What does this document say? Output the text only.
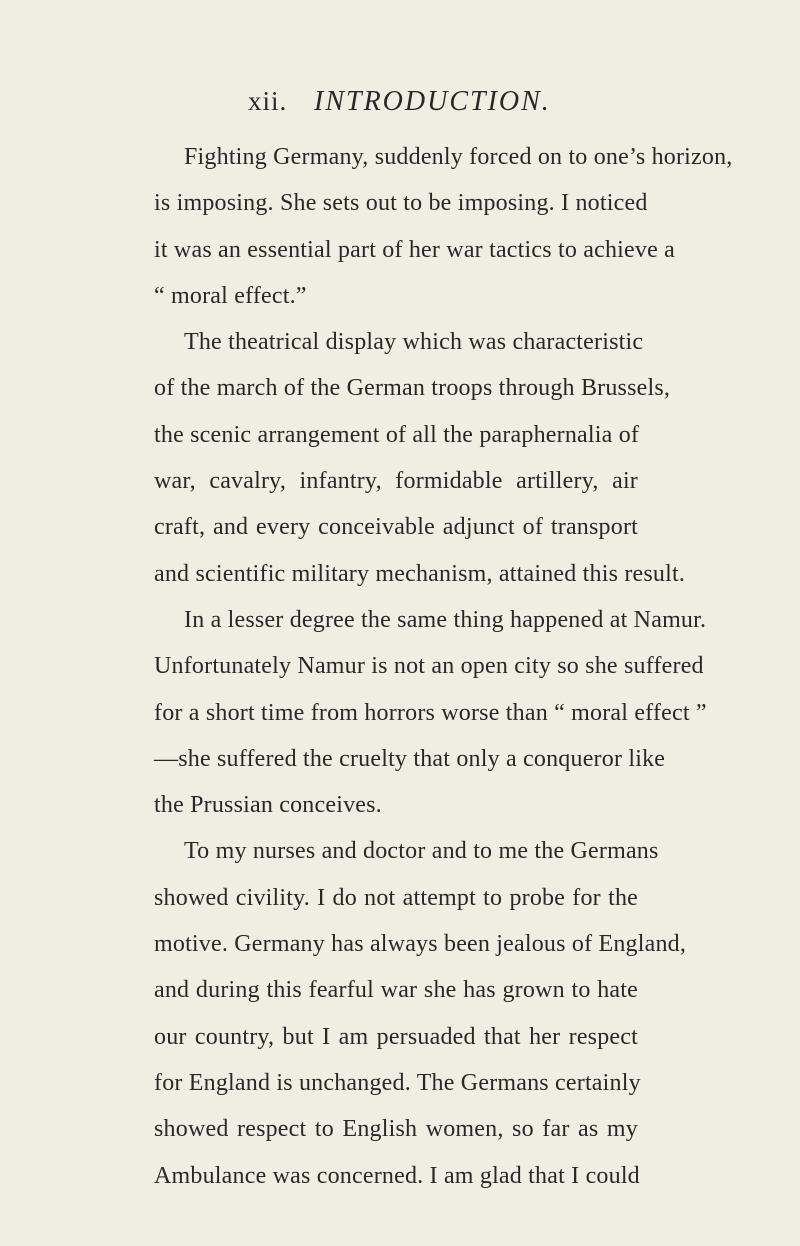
xii. INTRODUCTION.
Fighting Germany, suddenly forced on to one’s horizon,
is imposing. She sets out to be imposing. I noticed
it was an essential part of her war tactics to achieve a
“ moral effect.”
The theatrical display which was characteristic
of the march of the German troops through Brussels,
the scenic arrangement of all the paraphernalia of
war, cavalry, infantry, formidable artillery, air
craft, and every conceivable adjunct of transport
and scientific military mechanism, attained this result.
In a lesser degree the same thing happened at Namur.
Unfortunately Namur is not an open city so she suffered
for a short time from horrors worse than “ moral effect ”
—she suffered the cruelty that only a conqueror like
the Prussian conceives.
To my nurses and doctor and to me the Germans
showed civility. I do not attempt to probe for the
motive. Germany has always been jealous of England,
and during this fearful war she has grown to hate
our country, but I am persuaded that her respect
for England is unchanged. The Germans certainly
showed respect to English women, so far as my
Ambulance was concerned. I am glad that I could
